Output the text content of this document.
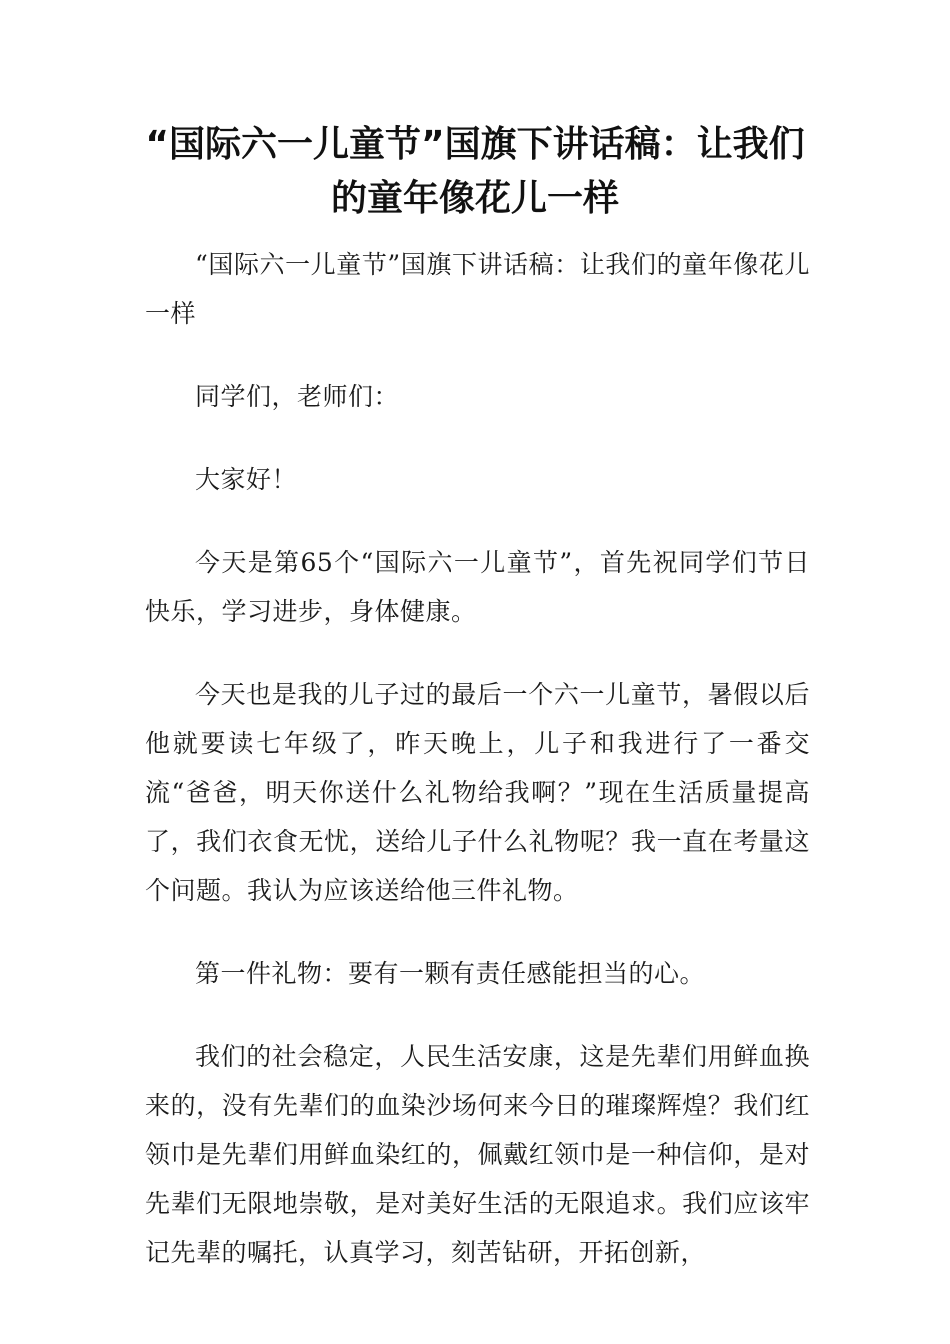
“国际六一儿童节”国旗下讲话稿：让我们的童年像花儿一样

“国际六一儿童节”国旗下讲话稿：让我们的童年像花儿一样

同学们，老师们：

大家好！

今天是第65个“国际六一儿童节”，首先祝同学们节日快乐，学习进步，身体健康。

今天也是我的儿子过的最后一个六一儿童节，暑假以后他就要读七年级了，昨天晚上，儿子和我进行了一番交流“爸爸，明天你送什么礼物给我啊？”现在生活质量提高了，我们衣食无忧，送给儿子什么礼物呢？我一直在考量这个问题。我认为应该送给他三件礼物。

第一件礼物：要有一颗有责任感能担当的心。

我们的社会稳定，人民生活安康，这是先辈们用鲜血换来的，没有先辈们的血染沙场何来今日的璀璨辉煌？我们红领巾是先辈们用鲜血染红的，佩戴红领巾是一种信仰，是对先辈们无限地崇敬，是对美好生活的无限追求。我们应该牢记先辈的嘱托，认真学习，刻苦钻研，开拓创新，
